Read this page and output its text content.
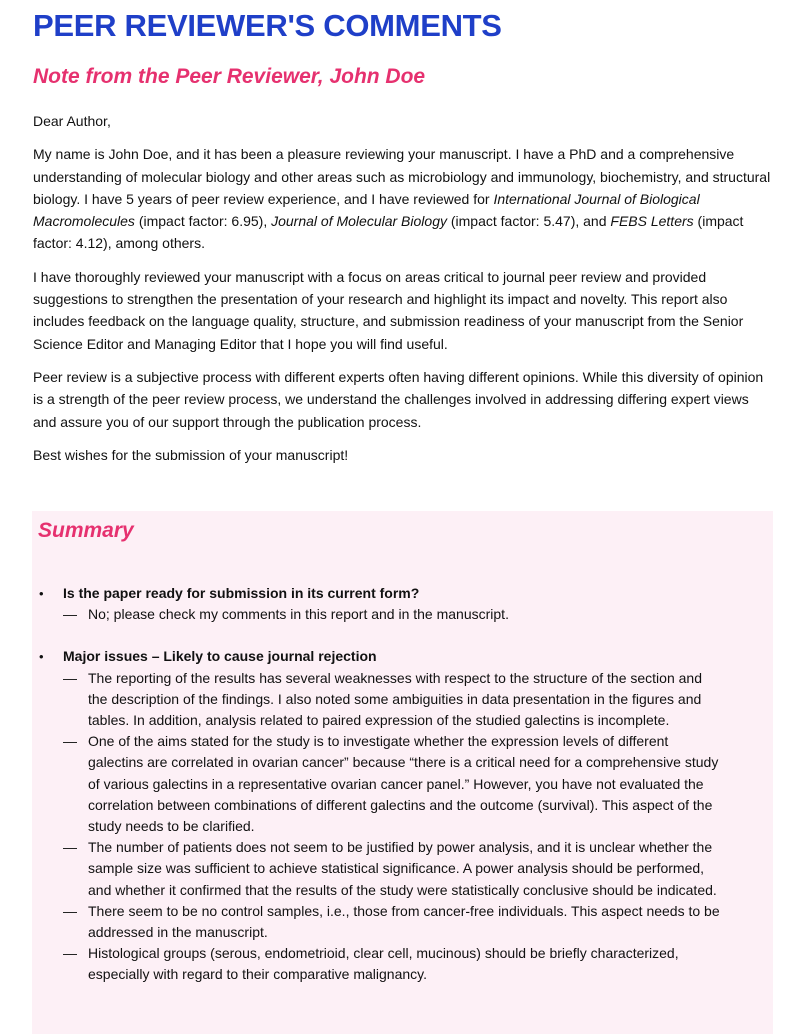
PEER REVIEWER'S COMMENTS
Note from the Peer Reviewer, John Doe

Dear Author,

My name is John Doe, and it has been a pleasure reviewing your manuscript. I have a PhD and a comprehensive understanding of molecular biology and other areas such as microbiology and immunology, biochemistry, and structural biology. I have 5 years of peer review experience, and I have reviewed for International Journal of Biological Macromolecules (impact factor: 6.95), Journal of Molecular Biology (impact factor: 5.47), and FEBS Letters (impact factor: 4.12), among others.

I have thoroughly reviewed your manuscript with a focus on areas critical to journal peer review and provided suggestions to strengthen the presentation of your research and highlight its impact and novelty. This report also includes feedback on the language quality, structure, and submission readiness of your manuscript from the Senior Science Editor and Managing Editor that I hope you will find useful.

Peer review is a subjective process with different experts often having different opinions. While this diversity of opinion is a strength of the peer review process, we understand the challenges involved in addressing differing expert views and assure you of our support through the publication process.

Best wishes for the submission of your manuscript!

Summary
• Is the paper ready for submission in its current form?
— No; please check my comments in this report and in the manuscript.
• Major issues – Likely to cause journal rejection
— The reporting of the results has several weaknesses with respect to the structure of the section and the description of the findings. I also noted some ambiguities in data presentation in the figures and tables. In addition, analysis related to paired expression of the studied galectins is incomplete.
— One of the aims stated for the study is to investigate whether the expression levels of different galectins are correlated in ovarian cancer” because “there is a critical need for a comprehensive study of various galectins in a representative ovarian cancer panel.” However, you have not evaluated the correlation between combinations of different galectins and the outcome (survival). This aspect of the study needs to be clarified.
— The number of patients does not seem to be justified by power analysis, and it is unclear whether the sample size was sufficient to achieve statistical significance. A power analysis should be performed, and whether it confirmed that the results of the study were statistically conclusive should be indicated.
— There seem to be no control samples, i.e., those from cancer-free individuals. This aspect needs to be addressed in the manuscript.
— Histological groups (serous, endometrioid, clear cell, mucinous) should be briefly characterized, especially with regard to their comparative malignancy.
